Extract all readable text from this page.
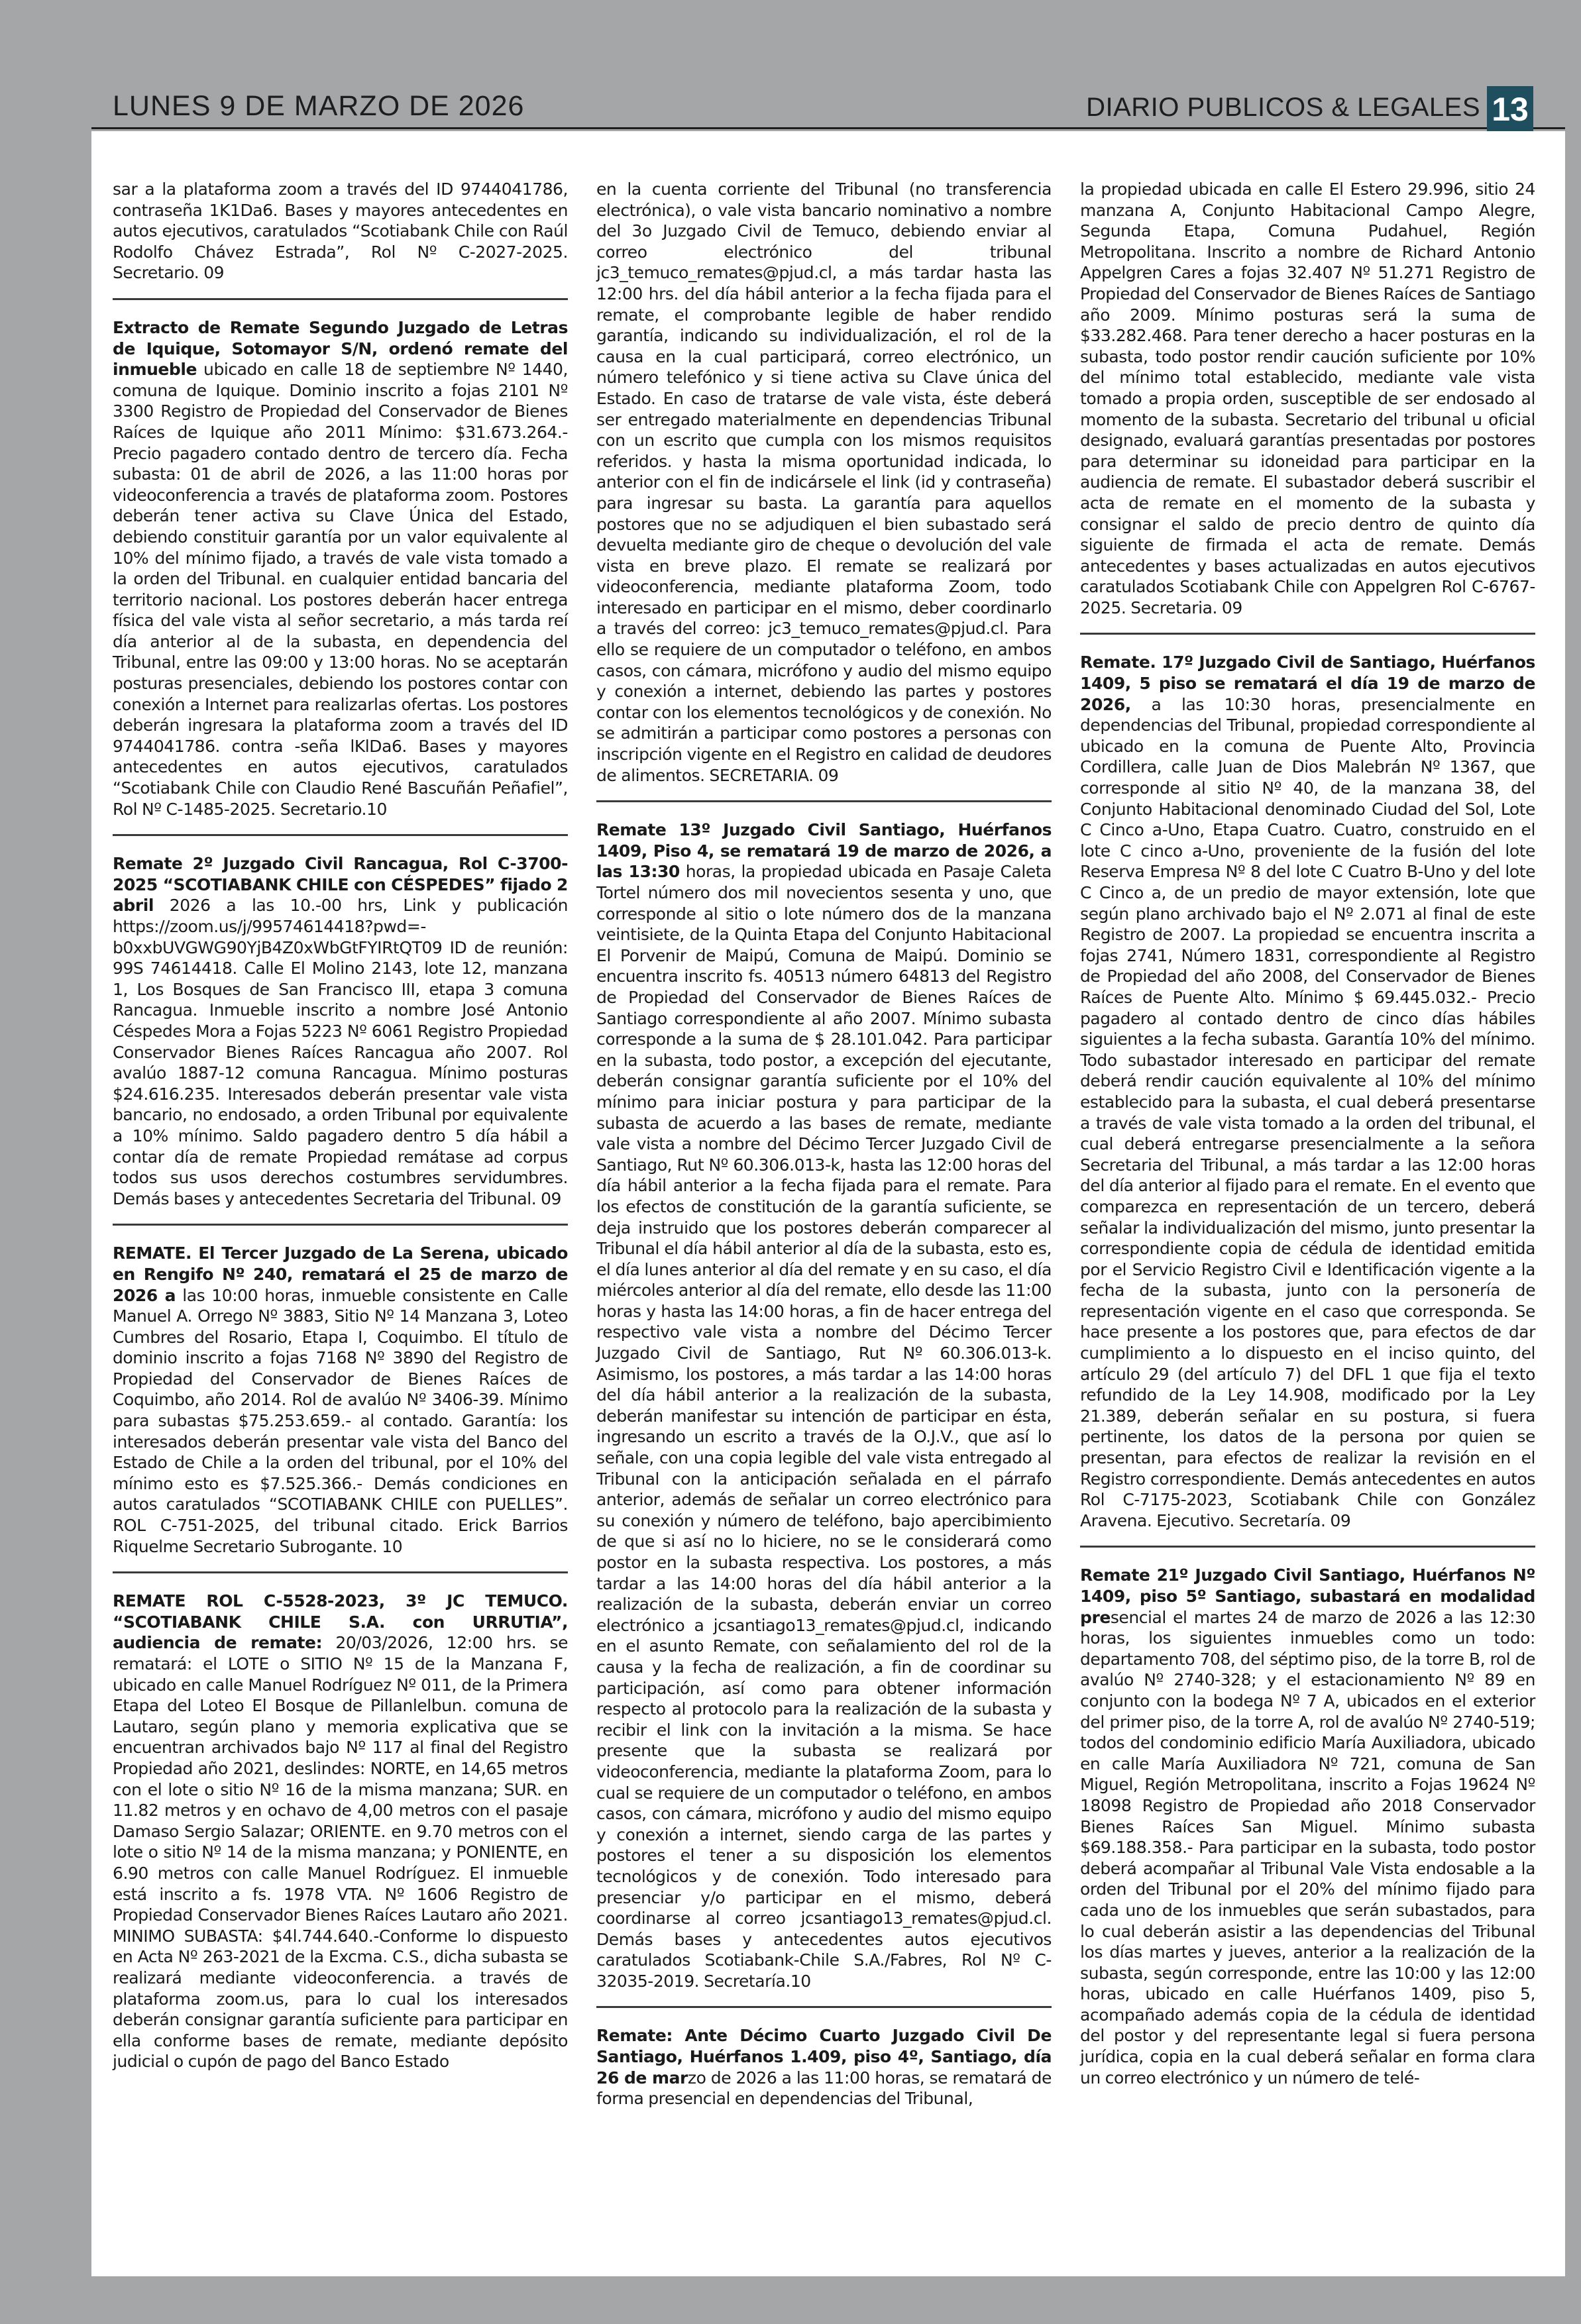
LUNES 9 DE MARZO DE 2026	DIARIO PUBLICOS & LEGALES 13

sar a la plataforma zoom a través del ID 9744041786, contraseña 1K1Da6. Bases y mayores antecedentes en autos ejecutivos, caratulados “Scotiabank Chile con Raúl Rodolfo Chávez Estrada”, Rol Nº C-2027-2025. Secretario. 09

Extracto de Remate Segundo Juzgado de Letras de Iquique, Sotomayor S/N, ordenó remate del inmueble ubicado en calle 18 de septiembre Nº 1440, comuna de Iquique. Dominio inscrito a fojas 2101 Nº 3300 Registro de Propiedad del Conservador de Bienes Raíces de Iquique año 2011 Mínimo: $31.673.264.- Precio pagadero contado dentro de tercero día. Fecha subasta: 01 de abril de 2026, a las 11:00 horas por videoconferencia a través de plataforma zoom. Postores deberán tener activa su Clave Única del Estado, debiendo constituir garantía por un valor equivalente al 10% del mínimo fijado, a través de vale vista tomado a la orden del Tribunal. en cualquier entidad bancaria del territorio nacional. Los postores deberán hacer entrega física del vale vista al señor secretario, a más tarda reí día anterior al de la subasta, en dependencia del Tribunal, entre las 09:00 y 13:00 horas. No se aceptarán posturas presenciales, debiendo los postores contar con conexión a Internet para realizarlas ofertas. Los postores deberán ingresara la plataforma zoom a través del ID 9744041786. contra -seña lKlDa6. Bases y mayores antecedentes en autos ejecutivos, caratulados “Scotiabank Chile con Claudio René Bascuñán Peñafiel”, Rol Nº C-1485-2025. Secretario.10

Remate 2º Juzgado Civil Rancagua, Rol C-3700-2025 “SCOTIABANK CHILE con CÉSPEDES” fijado 2 abril 2026 a las 10.-00 hrs, Link y publicación https://zoom.us/j/99574614418?pwd=-b0xxbUVGWG90YjB4Z0xWbGtFYIRtQT09 ID de reunión: 99S 74614418. Calle El Molino 2143, lote 12, manzana 1, Los Bosques de San Francisco III, etapa 3 comuna Rancagua. Inmueble inscrito a nombre José Antonio Céspedes Mora a Fojas 5223 Nº 6061 Registro Propiedad Conservador Bienes Raíces Rancagua año 2007. Rol avalúo 1887-12 comuna Rancagua. Mínimo posturas $24.616.235. Interesados deberán presentar vale vista bancario, no endosado, a orden Tribunal por equivalente a 10% mínimo. Saldo pagadero dentro 5 día hábil a contar día de remate Propiedad remátase ad corpus todos sus usos derechos costumbres servidumbres. Demás bases y antecedentes Secretaria del Tribunal. 09

REMATE. El Tercer Juzgado de La Serena, ubicado en Rengifo Nº 240, rematará el 25 de marzo de 2026 a las 10:00 horas, inmueble consistente en Calle Manuel A. Orrego Nº 3883, Sitio Nº 14 Manzana 3, Loteo Cumbres del Rosario, Etapa I, Coquimbo. El título de dominio inscrito a fojas 7168 Nº 3890 del Registro de Propiedad del Conservador de Bienes Raíces de Coquimbo, año 2014. Rol de avalúo Nº 3406-39. Mínimo para subastas $75.253.659.- al contado. Garantía: los interesados deberán presentar vale vista del Banco del Estado de Chile a la orden del tribunal, por el 10% del mínimo esto es $7.525.366.- Demás condiciones en autos caratulados “SCOTIABANK CHILE con PUELLES”. ROL C-751-2025, del tribunal citado. Erick Barrios Riquelme Secretario Subrogante. 10

REMATE ROL C-5528-2023, 3º JC TEMUCO. “SCOTIABANK CHILE S.A. con URRUTIA”, audiencia de remate: 20/03/2026, 12:00 hrs. se rematará: el LOTE o SITIO Nº 15 de la Manzana F, ubicado en calle Manuel Rodríguez Nº 011, de la Primera Etapa del Loteo El Bosque de Pillanlelbun. comuna de Lautaro, según plano y memoria explicativa que se encuentran archivados bajo Nº 117 al final del Registro Propiedad año 2021, deslindes: NORTE, en 14,65 metros con el lote o sitio Nº 16 de la misma manzana; SUR. en 11.82 metros y en ochavo de 4,00 metros con el pasaje Damaso Sergio Salazar; ORIENTE. en 9.70 metros con el lote o sitio Nº 14 de la misma manzana; y PONIENTE, en 6.90 metros con calle Manuel Rodríguez. El inmueble está inscrito a fs. 1978 VTA. Nº 1606 Registro de Propiedad Conservador Bienes Raíces Lautaro año 2021. MINIMO SUBASTA: $4l.744.640.-Conforme lo dispuesto en Acta Nº 263-2021 de la Excma. C.S., dicha subasta se realizará mediante videoconferencia. a través de plataforma zoom.us, para lo cual los interesados deberán consignar garantía suficiente para participar en ella conforme bases de remate, mediante depósito judicial o cupón de pago del Banco Estado

en la cuenta corriente del Tribunal (no transferencia electrónica), o vale vista bancario nominativo a nombre del 3o Juzgado Civil de Temuco, debiendo enviar al correo electrónico del tribunal jc3_temuco_remates@pjud.cl, a más tardar hasta las 12:00 hrs. del día hábil anterior a la fecha fijada para el remate, el comprobante legible de haber rendido garantía, indicando su individualización, el rol de la causa en la cual participará, correo electrónico, un número telefónico y si tiene activa su Clave única del Estado. En caso de tratarse de vale vista, éste deberá ser entregado materialmente en dependencias Tribunal con un escrito que cumpla con los mismos requisitos referidos. y hasta la misma oportunidad indicada, lo anterior con el fin de indicársele el link (id y contraseña) para ingresar su basta. La garantía para aquellos postores que no se adjudiquen el bien subastado será devuelta mediante giro de cheque o devolución del vale vista en breve plazo. El remate se realizará por videoconferencia, mediante plataforma Zoom, todo interesado en participar en el mismo, deber coordinarlo a través del correo: jc3_temuco_remates@pjud.cl. Para ello se requiere de un computador o teléfono, en ambos casos, con cámara, micrófono y audio del mismo equipo y conexión a internet, debiendo las partes y postores contar con los elementos tecnológicos y de conexión. No se admitirán a participar como postores a personas con inscripción vigente en el Registro en calidad de deudores de alimentos. SECRETARIA. 09

Remate 13º Juzgado Civil Santiago, Huérfanos 1409, Piso 4, se rematará 19 de marzo de 2026, a las 13:30 horas, la propiedad ubicada en Pasaje Caleta Tortel número dos mil novecientos sesenta y uno, que corresponde al sitio o lote número dos de la manzana veintisiete, de la Quinta Etapa del Conjunto Habitacional El Porvenir de Maipú, Comuna de Maipú. Dominio se encuentra inscrito fs. 40513 número 64813 del Registro de Propiedad del Conservador de Bienes Raíces de Santiago correspondiente al año 2007. Mínimo subasta corresponde a la suma de $ 28.101.042. Para participar en la subasta, todo postor, a excepción del ejecutante, deberán consignar garantía suficiente por el 10% del mínimo para iniciar postura y para participar de la subasta de acuerdo a las bases de remate, mediante vale vista a nombre del Décimo Tercer Juzgado Civil de Santiago, Rut Nº 60.306.013-k, hasta las 12:00 horas del día hábil anterior a la fecha fijada para el remate. Para los efectos de constitución de la garantía suficiente, se deja instruido que los postores deberán comparecer al Tribunal el día hábil anterior al día de la subasta, esto es, el día lunes anterior al día del remate y en su caso, el día miércoles anterior al día del remate, ello desde las 11:00 horas y hasta las 14:00 horas, a fin de hacer entrega del respectivo vale vista a nombre del Décimo Tercer Juzgado Civil de Santiago, Rut Nº 60.306.013-k. Asimismo, los postores, a más tardar a las 14:00 horas del día hábil anterior a la realización de la subasta, deberán manifestar su intención de participar en ésta, ingresando un escrito a través de la O.J.V., que así lo señale, con una copia legible del vale vista entregado al Tribunal con la anticipación señalada en el párrafo anterior, además de señalar un correo electrónico para su conexión y número de teléfono, bajo apercibimiento de que si así no lo hiciere, no se le considerará como postor en la subasta respectiva. Los postores, a más tardar a las 14:00 horas del día hábil anterior a la realización de la subasta, deberán enviar un correo electrónico a jcsantiago13_remates@pjud.cl, indicando en el asunto Remate, con señalamiento del rol de la causa y la fecha de realización, a fin de coordinar su participación, así como para obtener información respecto al protocolo para la realización de la subasta y recibir el link con la invitación a la misma. Se hace presente que la subasta se realizará por videoconferencia, mediante la plataforma Zoom, para lo cual se requiere de un computador o teléfono, en ambos casos, con cámara, micrófono y audio del mismo equipo y conexión a internet, siendo carga de las partes y postores el tener a su disposición los elementos tecnológicos y de conexión. Todo interesado para presenciar y/o participar en el mismo, deberá coordinarse al correo jcsantiago13_remates@pjud.cl. Demás bases y antecedentes autos ejecutivos caratulados Scotiabank-Chile S.A./Fabres, Rol Nº C-32035-2019. Secretaría.10

Remate: Ante Décimo Cuarto Juzgado Civil De Santiago, Huérfanos 1.409, piso 4º, Santiago, día 26 de marzo de 2026 a las 11:00 horas, se rematará de forma presencial en dependencias del Tribunal,

la propiedad ubicada en calle El Estero 29.996, sitio 24 manzana A, Conjunto Habitacional Campo Alegre, Segunda Etapa, Comuna Pudahuel, Región Metropolitana. Inscrito a nombre de Richard Antonio Appelgren Cares a fojas 32.407 Nº 51.271 Registro de Propiedad del Conservador de Bienes Raíces de Santiago año 2009. Mínimo posturas será la suma de $33.282.468. Para tener derecho a hacer posturas en la subasta, todo postor rendir caución suficiente por 10% del mínimo total establecido, mediante vale vista tomado a propia orden, susceptible de ser endosado al momento de la subasta. Secretario del tribunal u oficial designado, evaluará garantías presentadas por postores para determinar su idoneidad para participar en la audiencia de remate. El subastador deberá suscribir el acta de remate en el momento de la subasta y consignar el saldo de precio dentro de quinto día siguiente de firmada el acta de remate. Demás antecedentes y bases actualizadas en autos ejecutivos caratulados Scotiabank Chile con Appelgren Rol C-6767-2025. Secretaria. 09

Remate. 17º Juzgado Civil de Santiago, Huérfanos 1409, 5 piso se rematará el día 19 de marzo de 2026, a las 10:30 horas, presencialmente en dependencias del Tribunal, propiedad correspondiente al ubicado en la comuna de Puente Alto, Provincia Cordillera, calle Juan de Dios Malebrán Nº 1367, que corresponde al sitio Nº 40, de la manzana 38, del Conjunto Habitacional denominado Ciudad del Sol, Lote C Cinco a-Uno, Etapa Cuatro. Cuatro, construido en el lote C cinco a-Uno, proveniente de la fusión del lote Reserva Empresa Nº 8 del lote C Cuatro B-Uno y del lote C Cinco a, de un predio de mayor extensión, lote que según plano archivado bajo el Nº 2.071 al final de este Registro de 2007. La propiedad se encuentra inscrita a fojas 2741, Número 1831, correspondiente al Registro de Propiedad del año 2008, del Conservador de Bienes Raíces de Puente Alto. Mínimo $ 69.445.032.- Precio pagadero al contado dentro de cinco días hábiles siguientes a la fecha subasta. Garantía 10% del mínimo. Todo subastador interesado en participar del remate deberá rendir caución equivalente al 10% del mínimo establecido para la subasta, el cual deberá presentarse a través de vale vista tomado a la orden del tribunal, el cual deberá entregarse presencialmente a la señora Secretaria del Tribunal, a más tardar a las 12:00 horas del día anterior al fijado para el remate. En el evento que comparezca en representación de un tercero, deberá señalar la individualización del mismo, junto presentar la correspondiente copia de cédula de identidad emitida por el Servicio Registro Civil e Identificación vigente a la fecha de la subasta, junto con la personería de representación vigente en el caso que corresponda. Se hace presente a los postores que, para efectos de dar cumplimiento a lo dispuesto en el inciso quinto, del artículo 29 (del artículo 7) del DFL 1 que fija el texto refundido de la Ley 14.908, modificado por la Ley 21.389, deberán señalar en su postura, si fuera pertinente, los datos de la persona por quien se presentan, para efectos de realizar la revisión en el Registro correspondiente. Demás antecedentes en autos Rol C-7175-2023, Scotiabank Chile con González Aravena. Ejecutivo. Secretaría. 09

Remate 21º Juzgado Civil Santiago, Huérfanos Nº 1409, piso 5º Santiago, subastará en modalidad presencial el martes 24 de marzo de 2026 a las 12:30 horas, los siguientes inmuebles como un todo: departamento 708, del séptimo piso, de la torre B, rol de avalúo Nº 2740-328; y el estacionamiento Nº 89 en conjunto con la bodega Nº 7 A, ubicados en el exterior del primer piso, de la torre A, rol de avalúo Nº 2740-519; todos del condominio edificio María Auxiliadora, ubicado en calle María Auxiliadora Nº 721, comuna de San Miguel, Región Metropolitana, inscrito a Fojas 19624 Nº 18098 Registro de Propiedad año 2018 Conservador Bienes Raíces San Miguel. Mínimo subasta $69.188.358.- Para participar en la subasta, todo postor deberá acompañar al Tribunal Vale Vista endosable a la orden del Tribunal por el 20% del mínimo fijado para cada uno de los inmuebles que serán subastados, para lo cual deberán asistir a las dependencias del Tribunal los días martes y jueves, anterior a la realización de la subasta, según corresponde, entre las 10:00 y las 12:00 horas, ubicado en calle Huérfanos 1409, piso 5, acompañado además copia de la cédula de identidad del postor y del representante legal si fuera persona jurídica, copia en la cual deberá señalar en forma clara un correo electrónico y un número de telé-
